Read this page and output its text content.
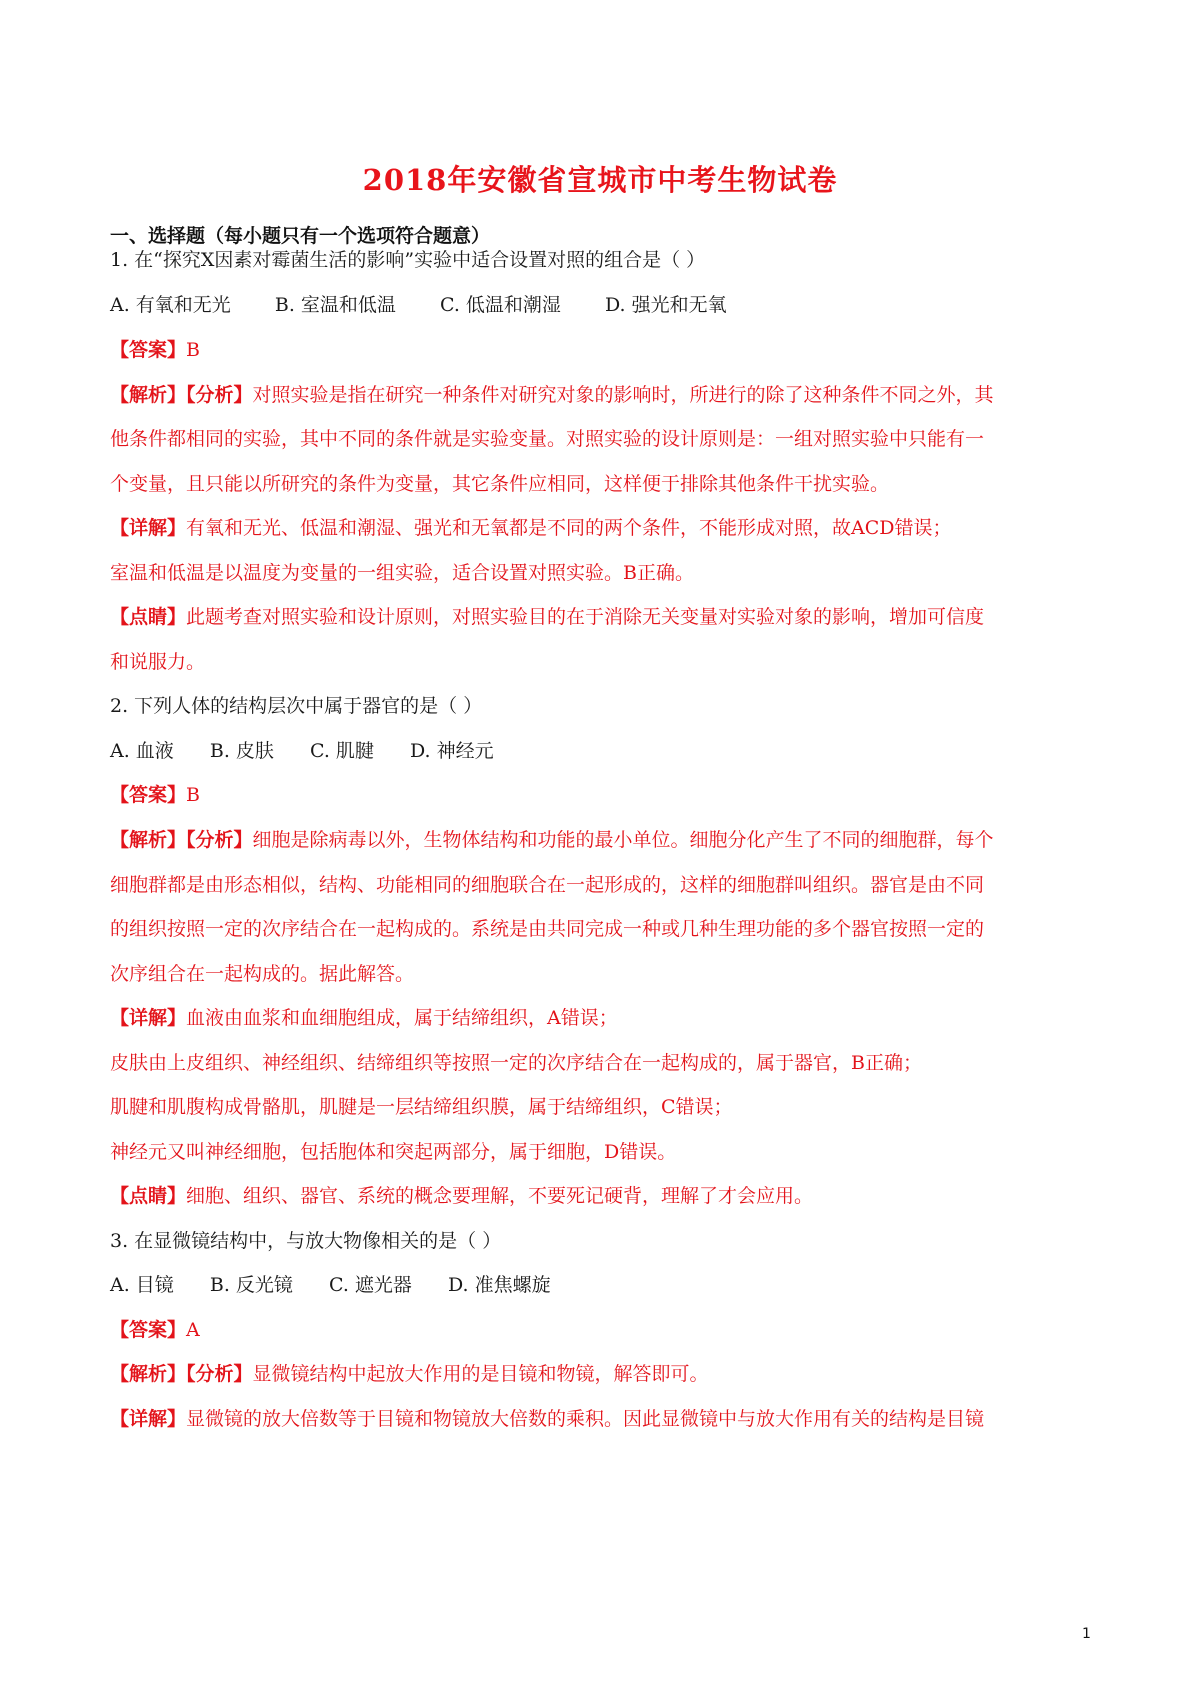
2018年安徽省宣城市中考生物试卷
一、选择题（每小题只有一个选项符合题意）
1. 在“探究X因素对霉菌生活的影响”实验中适合设置对照的组合是（ ）
A. 有氧和无光 B. 室温和低温 C. 低温和潮湿 D. 强光和无氧
【答案】B
【解析】【分析】对照实验是指在研究一种条件对研究对象的影响时，所进行的除了这种条件不同之外，其
他条件都相同的实验，其中不同的条件就是实验变量。对照实验的设计原则是：一组对照实验中只能有一
个变量，且只能以所研究的条件为变量，其它条件应相同，这样便于排除其他条件干扰实验。
【详解】有氧和无光、低温和潮湿、强光和无氧都是不同的两个条件，不能形成对照，故ACD错误；
室温和低温是以温度为变量的一组实验，适合设置对照实验。B正确。
【点睛】此题考查对照实验和设计原则，对照实验目的在于消除无关变量对实验对象的影响，增加可信度
和说服力。
2. 下列人体的结构层次中属于器官的是（ ）
A. 血液 B. 皮肤 C. 肌腱 D. 神经元
【答案】B
【解析】【分析】细胞是除病毒以外，生物体结构和功能的最小单位。细胞分化产生了不同的细胞群，每个
细胞群都是由形态相似，结构、功能相同的细胞联合在一起形成的，这样的细胞群叫组织。器官是由不同
的组织按照一定的次序结合在一起构成的。系统是由共同完成一种或几种生理功能的多个器官按照一定的
次序组合在一起构成的。据此解答。
【详解】血液由血浆和血细胞组成，属于结缔组织，A错误；
皮肤由上皮组织、神经组织、结缔组织等按照一定的次序结合在一起构成的，属于器官，B正确；
肌腱和肌腹构成骨骼肌，肌腱是一层结缔组织膜，属于结缔组织，C错误；
神经元又叫神经细胞，包括胞体和突起两部分，属于细胞，D错误。
【点睛】细胞、组织、器官、系统的概念要理解，不要死记硬背，理解了才会应用。
3. 在显微镜结构中，与放大物像相关的是（ ）
A. 目镜 B. 反光镜 C. 遮光器 D. 准焦螺旋
【答案】A
【解析】【分析】显微镜结构中起放大作用的是目镜和物镜，解答即可。
【详解】显微镜的放大倍数等于目镜和物镜放大倍数的乘积。因此显微镜中与放大作用有关的结构是目镜
1
